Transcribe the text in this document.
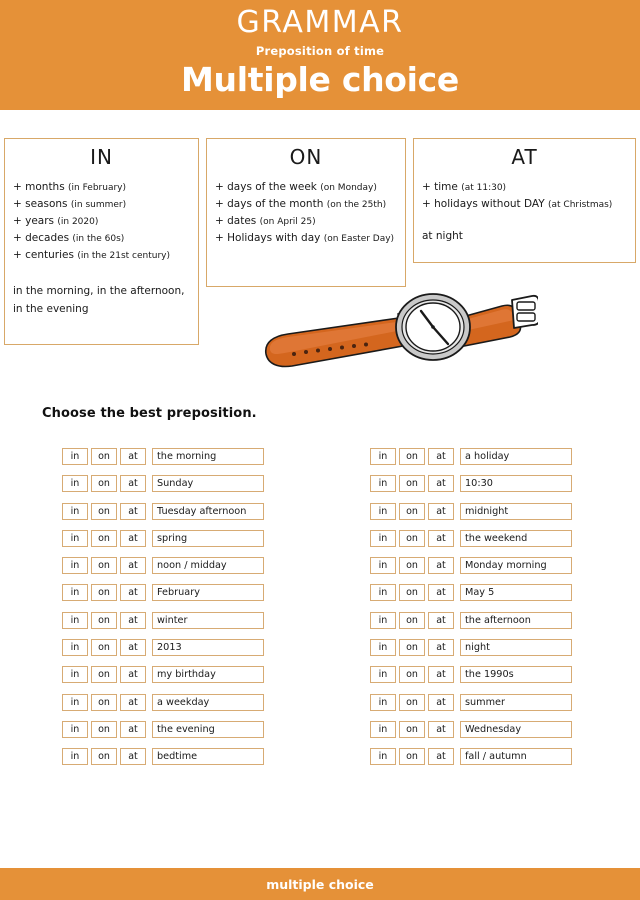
GRAMMAR
Preposition of time
Multiple choice
IN
+ months (in February)
+ seasons (in summer)
+ years (in 2020)
+ decades (in the 60s)
+ centuries (in the 21st century)
in the morning, in the afternoon,
in the evening
ON
+ days of the week (on Monday)
+ days of the month (on the 25th)
+ dates (on April 25)
+ Holidays with day (on Easter Day)
AT
+ time (at 11:30)
+ holidays without DAY (at Christmas)
at night
Choose the best preposition.
in	on	at	the morning
in	on	at	Sunday
in	on	at	Tuesday afternoon
in	on	at	spring
in	on	at	noon / midday
in	on	at	February
in	on	at	winter
in	on	at	2013
in	on	at	my birthday
in	on	at	a weekday
in	on	at	the evening
in	on	at	bedtime
in	on	at	a holiday
in	on	at	10:30
in	on	at	midnight
in	on	at	the weekend
in	on	at	Monday morning
in	on	at	May 5
in	on	at	the afternoon
in	on	at	night
in	on	at	the 1990s
in	on	at	summer
in	on	at	Wednesday
in	on	at	fall / autumn
multiple choice
